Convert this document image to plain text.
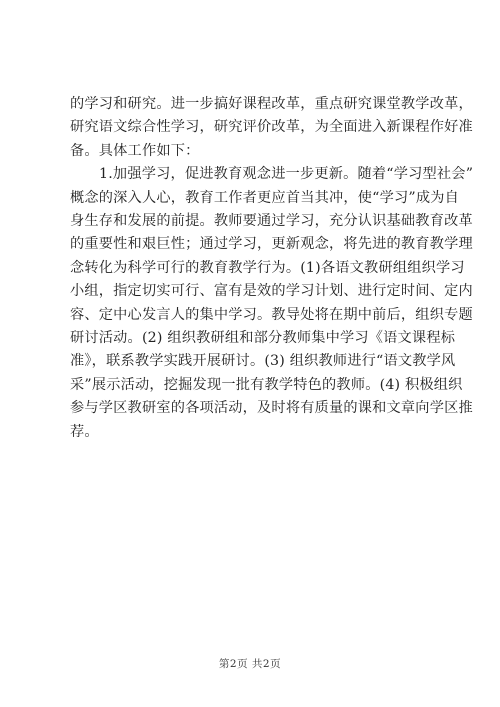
的学习和研究。进一步搞好课程改革，重点研究课堂教学改革，
研究语文综合性学习，研究评价改革，为全面进入新课程作好准
备。具体工作如下：
1.加强学习，促进教育观念进一步更新。随着“学习型社会”
概念的深入人心，教育工作者更应首当其冲，使“学习”成为自
身生存和发展的前提。教师要通过学习，充分认识基础教育改革
的重要性和艰巨性；通过学习，更新观念，将先进的教育教学理
念转化为科学可行的教育教学行为。(1)各语文教研组组织学习
小组，指定切实可行、富有是效的学习计划、进行定时间、定内
容、定中心发言人的集中学习。教导处将在期中前后，组织专题
研讨活动。(2) 组织教研组和部分教师集中学习《语文课程标
准》，联系教学实践开展研讨。(3) 组织教师进行“语文教学风
采”展示活动，挖掘发现一批有教学特色的教师。(4) 积极组织
参与学区教研室的各项活动，及时将有质量的课和文章向学区推
荐。
第2页 共2页
